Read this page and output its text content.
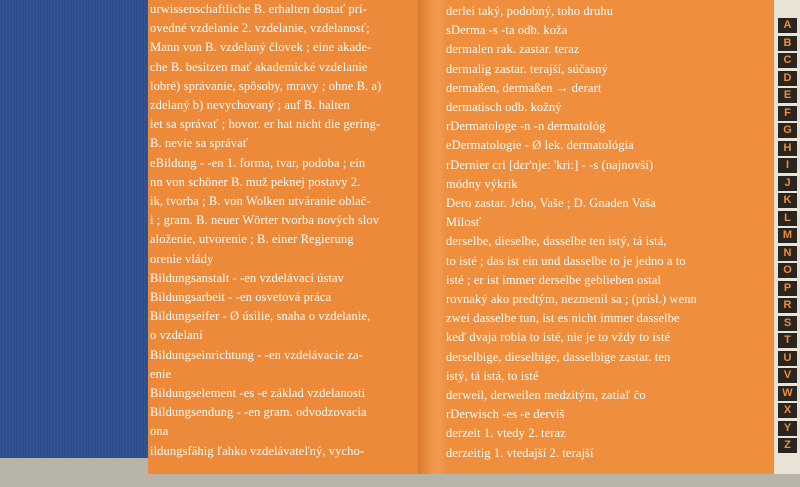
urwissenschaftliche B. erhalten dostať prí-
ovedné vzdelanie 2. vzdelanie, vzdelanosť;
Mann von B. vzdelaný človek ; eine akade-
che B. besitzen mať akademické vzdelanie
lobré) správanie, spôsoby, mravy ; ohne B. a)
zdelaný b) nevychovaný ; auf B. halten
iet sa správať ; hovor. er hat nicht die gering-
B. nevie sa správať
eBildung - -en 1. forma, tvar, podoba ; ein
nn von schöner B. muž peknej postavy 2.
ik, tvorba ; B. von Wolken utváranie oblač-
i ; gram. B. neuer Wörter tvorba nových slov
aloženie, utvorenie ; B. einer Regierung
orenie vlády
Bildungsanstalt - -en vzdelávací ústav
Bildungsarbeit - -en osvetová práca
Bildungseifer - Ø úsilie, snaha o vzdelanie,
o vzdelaní
Bildungseinrichtung - -en vzdelávacie za-
enie
Bildungselement -es -e základ vzdelanosti
Bildungsendung - -en gram. odvodzovacia
ona
ildungsfähig ľahko vzdelávateľný, vycho-
derlei taký, podobný, toho druhu
sDerma -s -ta odb. koža
dermalen rak. zastar. teraz
dermalig zastar. terajší, súčasný
dermaßen, dermaßen → derart
dermatisch odb. kožný
rDermatologe -n -n dermatológ
eDermatologie - Ø lek. dermatológia
rDernier cri [dɛr'nje: 'kri:] - -s (najnovší)
módny výkrik
Dero zastar. Jeho, Vaše ; D. Gnaden Vaša
Milosť
derselbe, dieselbe, dasselbe ten istý, tá istá,
to isté ; das ist ein und dasselbe to je jedno a to
isté ; er ist immer derselbe geblieben ostal
rovnaký ako predtým, nezmenil sa ; (prísl.) wenn
zwei dasselbe tun, ist es nicht immer dasselbe
keď dvaja robia to isté, nie je to vždy to isté
derselbige, dieselbige, dasselbige zastar. ten
istý, tá istá, to isté
derweil, derweilen medzitým, zatiaľ čo
rDerwisch -es -e derviš
derzeit 1. vtedy 2. teraz
derzeitig 1. vtedajší 2. terajší
A
B
C
D
E
F
G
H
I
J
K
L
M
N
O
P
R
S
T
U
V
W
X
Y
Z
